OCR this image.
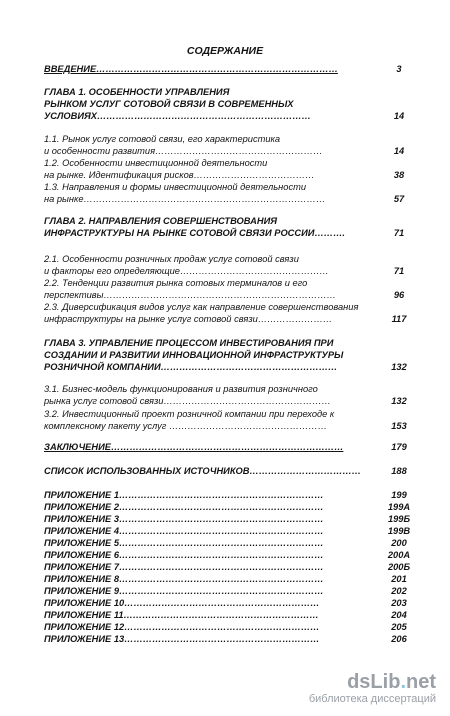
СОДЕРЖАНИЕ
ВВЕДЕНИЕ……………………………………………………………………	3
ГЛАВА 1. ОСОБЕННОСТИ УПРАВЛЕНИЯ
РЫНКОМ УСЛУГ СОТОВОЙ СВЯЗИ В СОВРЕМЕННЫХ
УСЛОВИЯХ……………………………………………………………	14
1.1. Рынок услуг сотовой связи, его характеристика
и особенности развития………………………………………………	14
1.2. Особенности инвестиционной деятельности
на рынке. Идентификация рисков…………………………………	38
1.3. Направления и формы инвестиционной деятельности
на рынке……………………………………………………………………	57
ГЛАВА 2. НАПРАВЛЕНИЯ СОВЕРШЕНСТВОВАНИЯ
ИНФРАСТРУКТУРЫ НА РЫНКЕ СОТОВОЙ СВЯЗИ РОССИИ……….	71
2.1. Особенности розничных продаж услуг сотовой связи
и факторы его определяющие…………………………………………	71
2.2. Тенденции развития рынка сотовых терминалов и его
перспективы…………………………………………………………………	96
2.3. Диверсификация видов услуг как направление совершенствования
инфраструктуры на рынке услуг сотовой связи……………………	117
ГЛАВА 3. УПРАВЛЕНИЕ ПРОЦЕССОМ ИНВЕСТИРОВАНИЯ ПРИ
СОЗДАНИИ И РАЗВИТИИ ИННОВАЦИОННОЙ ИНФРАСТРУКТУРЫ
РОЗНИЧНОЙ КОМПАНИИ…………………………………………………	132
3.1. Бизнес-модель функционирования и развития розничного
рынка услуг сотовой связи………………………………………………	132
3.2. Инвестиционный проект розничной компании при переходе к
комплексному пакету услуг ……………………………………………	153
ЗАКЛЮЧЕНИЕ…………………………………………………………………	179
СПИСОК ИСПОЛЬЗОВАННЫХ ИСТОЧНИКОВ………………………………	188
ПРИЛОЖЕНИЕ 1…………………………………………………………	199
ПРИЛОЖЕНИЕ 2…………………………………………………………	199А
ПРИЛОЖЕНИЕ 3…………………………………………………………	199Б
ПРИЛОЖЕНИЕ 4…………………………………………………………	199В
ПРИЛОЖЕНИЕ 5…………………………………………………………	200
ПРИЛОЖЕНИЕ 6…………………………………………………………	200А
ПРИЛОЖЕНИЕ 7…………………………………………………………	200Б
ПРИЛОЖЕНИЕ 8…………………………………………………………	201
ПРИЛОЖЕНИЕ 9…………………………………………………………	202
ПРИЛОЖЕНИЕ 10………………………………………………………	203
ПРИЛОЖЕНИЕ 11………………………………………………………	204
ПРИЛОЖЕНИЕ 12………………………………………………………	205
ПРИЛОЖЕНИЕ 13………………………………………………………	206
dsLib.net
библиотека диссертаций
